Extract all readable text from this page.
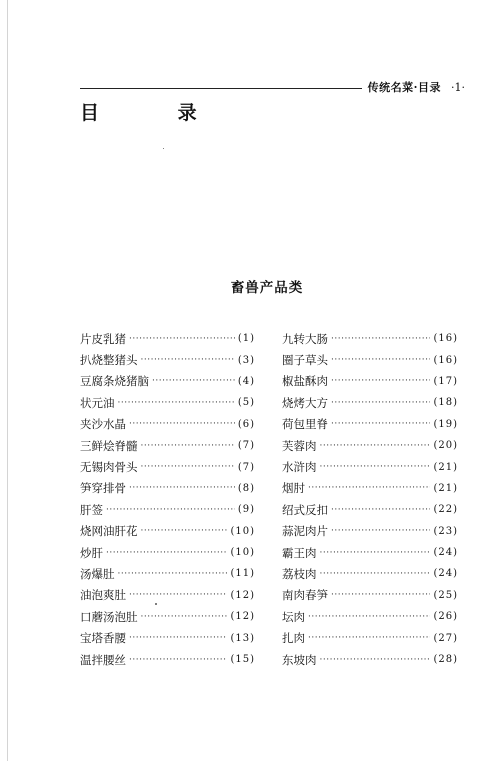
传统名菜·目录 ·1·
目 录
畜兽产品类
片皮乳猪 ·····	(1)
扒烧整猪头 ·····	(3)
豆腐条烧猪脑 ·····	(4)
状元油 ·····	(5)
夹沙水晶 ·····	(6)
三鲜烩脊髓 ·····	(7)
无锡肉骨头 ·····	(7)
笋穿排骨 ·····	(8)
肝签 ·····	(9)
烧网油肝花 ·····	(10)
炒肝 ·····	(10)
汤爆肚 ·····	(11)
油泡爽肚 ·····	(12)
口蘑汤泡肚 ·····	(12)
宝塔香腰 ·····	(13)
温拌腰丝 ·····	(15)
九转大肠 ·····	(16)
圈子草头 ·····	(16)
椒盐酥肉 ·····	(17)
烧烤大方 ·····	(18)
荷包里脊 ·····	(19)
芙蓉肉 ·····	(20)
水浒肉 ·····	(21)
烟肘 ·····	(21)
绍式反扣 ·····	(22)
蒜泥肉片 ·····	(23)
霸王肉 ·····	(24)
荔枝肉 ·····	(24)
南肉春笋 ·····	(25)
坛肉 ·····	(26)
扎肉 ·····	(27)
东坡肉 ·····	(28)
